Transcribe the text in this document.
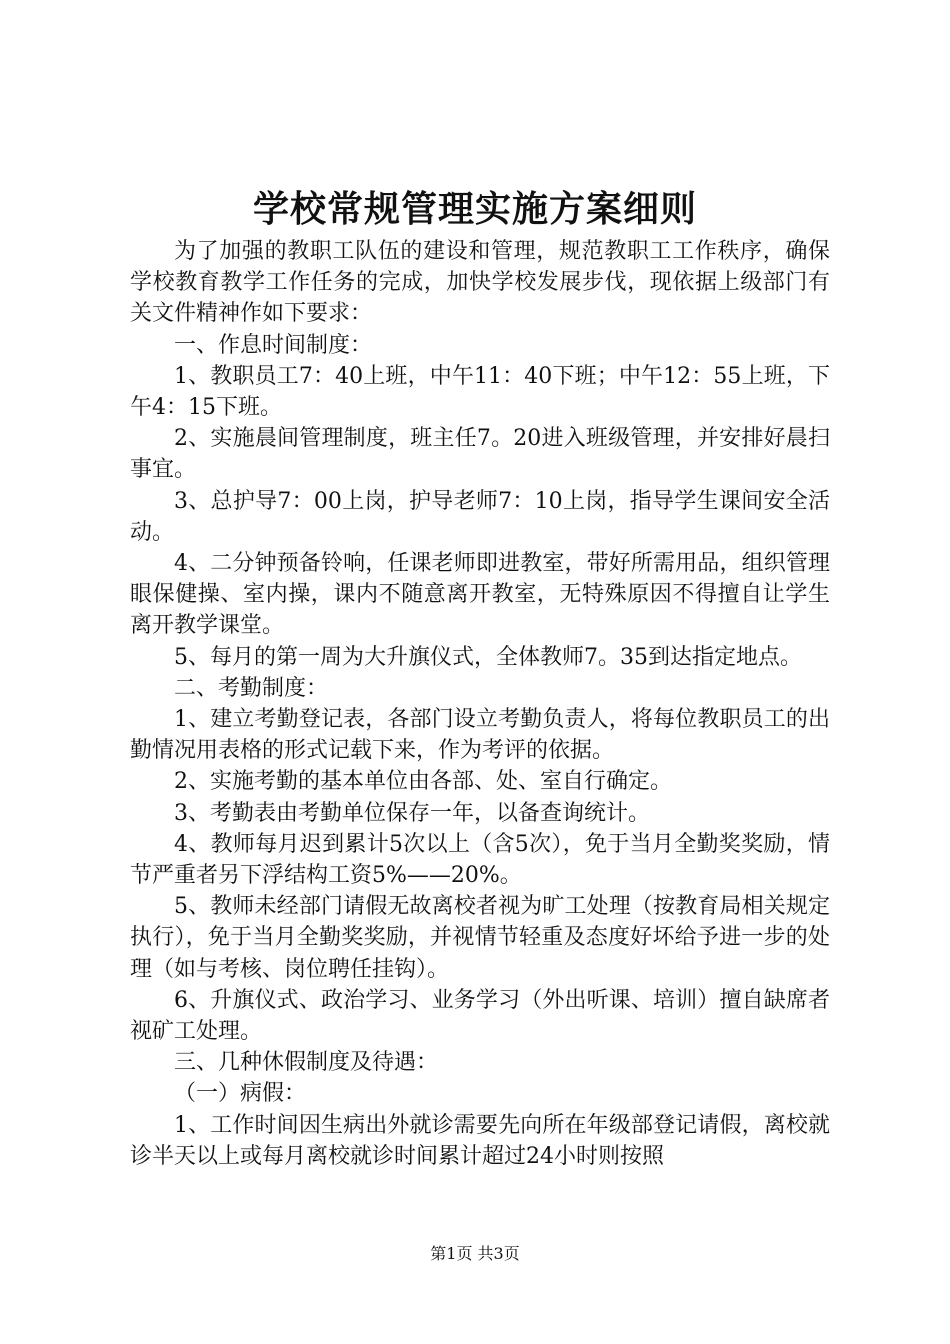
学校常规管理实施方案细则

为了加强的教职工队伍的建设和管理，规范教职工工作秩序，确保学校教育教学工作任务的完成，加快学校发展步伐，现依据上级部门有关文件精神作如下要求：

一、作息时间制度：

1、教职员工7：40上班，中午11：40下班；中午12：55上班，下午4：15下班。

2、实施晨间管理制度，班主任7。20进入班级管理，并安排好晨扫事宜。

3、总护导7：00上岗，护导老师7：10上岗，指导学生课间安全活动。

4、二分钟预备铃响，任课老师即进教室，带好所需用品，组织管理眼保健操、室内操，课内不随意离开教室，无特殊原因不得擅自让学生离开教学课堂。

5、每月的第一周为大升旗仪式，全体教师7。35到达指定地点。

二、考勤制度：

1、建立考勤登记表，各部门设立考勤负责人，将每位教职员工的出勤情况用表格的形式记载下来，作为考评的依据。

2、实施考勤的基本单位由各部、处、室自行确定。

3、考勤表由考勤单位保存一年，以备查询统计。

4、教师每月迟到累计5次以上（含5次），免于当月全勤奖奖励，情节严重者另下浮结构工资5%——20%。

5、教师未经部门请假无故离校者视为旷工处理（按教育局相关规定执行），免于当月全勤奖奖励，并视情节轻重及态度好坏给予进一步的处理（如与考核、岗位聘任挂钩）。

6、升旗仪式、政治学习、业务学习（外出听课、培训）擅自缺席者视矿工处理。

三、几种休假制度及待遇：

（一）病假：

1、工作时间因生病出外就诊需要先向所在年级部登记请假，离校就诊半天以上或每月离校就诊时间累计超过24小时则按照

第1页 共3页
